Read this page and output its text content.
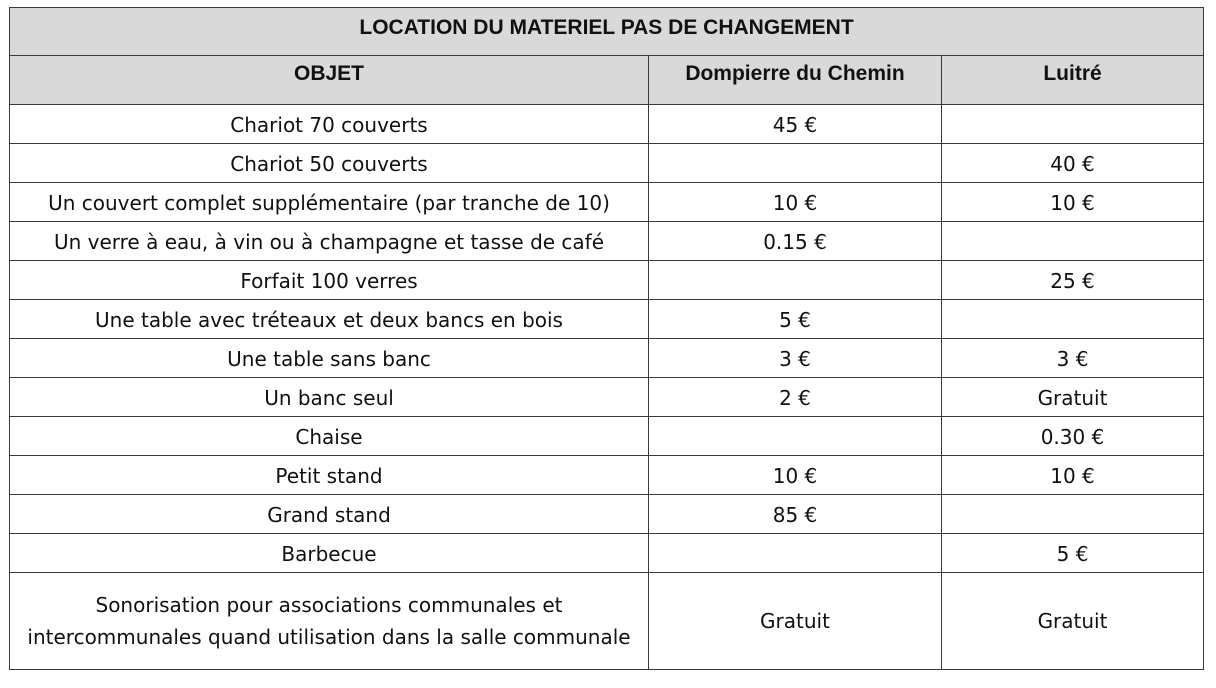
LOCATION DU MATERIEL PAS DE CHANGEMENT		
OBJET	Dompierre du Chemin	Luitré
Chariot 70 couverts	45 €	
Chariot 50 couverts		40 €
Un couvert complet supplémentaire (par tranche de 10)	10 €	10 €
Un verre à eau, à vin ou à champagne et tasse de café	0.15 €	
Forfait 100 verres		25 €
Une table avec tréteaux et deux bancs en bois	5 €	
Une table sans banc	3 €	3 €
Un banc seul	2 €	Gratuit
Chaise		0.30 €
Petit stand	10 €	10 €
Grand stand	85 €	
Barbecue		5 €
Sonorisation pour associations communales et intercommunales quand utilisation dans la salle communale	Gratuit	Gratuit
